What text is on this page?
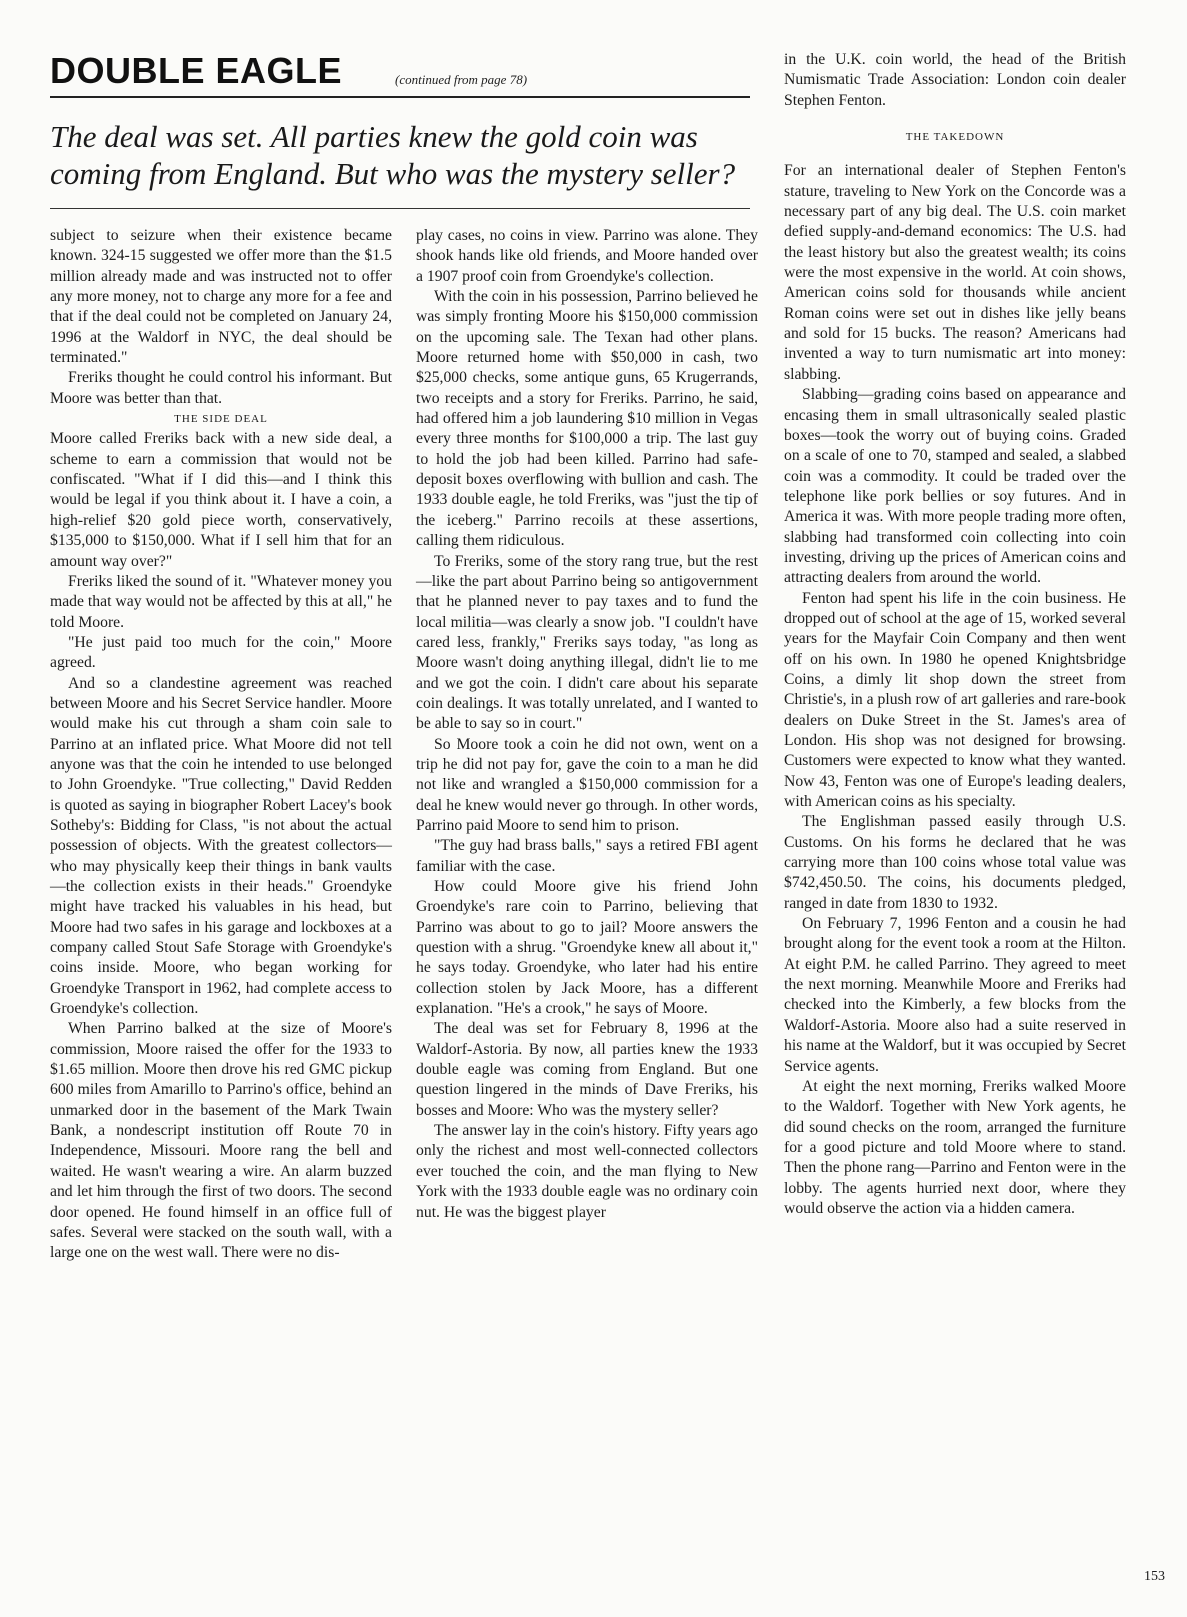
DOUBLE EAGLE	(continued from page 78)
The deal was set. All parties knew the gold coin was coming from England. But who was the mystery seller?

subject to seizure when their existence became known. 324-15 suggested we offer more than the $1.5 million already made and was instructed not to offer any more money, not to charge any more for a fee and that if the deal could not be completed on January 24, 1996 at the Waldorf in NYC, the deal should be terminated."

Freriks thought he could control his informant. But Moore was better than that.

THE SIDE DEAL

Moore called Freriks back with a new side deal, a scheme to earn a commission that would not be confiscated. "What if I did this—and I think this would be legal if you think about it. I have a coin, a high-relief $20 gold piece worth, conservatively, $135,000 to $150,000. What if I sell him that for an amount way over?"

Freriks liked the sound of it. "Whatever money you made that way would not be affected by this at all," he told Moore.

"He just paid too much for the coin," Moore agreed.

And so a clandestine agreement was reached between Moore and his Secret Service handler. Moore would make his cut through a sham coin sale to Parrino at an inflated price. What Moore did not tell anyone was that the coin he intended to use belonged to John Groendyke. "True collecting," David Redden is quoted as saying in biographer Robert Lacey's book Sotheby's: Bidding for Class, "is not about the actual possession of objects. With the greatest collectors—who may physically keep their things in bank vaults—the collection exists in their heads." Groendyke might have tracked his valuables in his head, but Moore had two safes in his garage and lockboxes at a company called Stout Safe Storage with Groendyke's coins inside. Moore, who began working for Groendyke Transport in 1962, had complete access to Groendyke's collection.

When Parrino balked at the size of Moore's commission, Moore raised the offer for the 1933 to $1.65 million. Moore then drove his red GMC pickup 600 miles from Amarillo to Parrino's office, behind an unmarked door in the basement of the Mark Twain Bank, a nondescript institution off Route 70 in Independence, Missouri. Moore rang the bell and waited. He wasn't wearing a wire. An alarm buzzed and let him through the first of two doors. The second door opened. He found himself in an office full of safes. Several were stacked on the south wall, with a large one on the west wall. There were no dis-

play cases, no coins in view. Parrino was alone. They shook hands like old friends, and Moore handed over a 1907 proof coin from Groendyke's collection.

With the coin in his possession, Parrino believed he was simply fronting Moore his $150,000 commission on the upcoming sale. The Texan had other plans. Moore returned home with $50,000 in cash, two $25,000 checks, some antique guns, 65 Krugerrands, two receipts and a story for Freriks. Parrino, he said, had offered him a job laundering $10 million in Vegas every three months for $100,000 a trip. The last guy to hold the job had been killed. Parrino had safe-deposit boxes overflowing with bullion and cash. The 1933 double eagle, he told Freriks, was "just the tip of the iceberg." Parrino recoils at these assertions, calling them ridiculous.

To Freriks, some of the story rang true, but the rest—like the part about Parrino being so antigovernment that he planned never to pay taxes and to fund the local militia—was clearly a snow job. "I couldn't have cared less, frankly," Freriks says today, "as long as Moore wasn't doing anything illegal, didn't lie to me and we got the coin. I didn't care about his separate coin dealings. It was totally unrelated, and I wanted to be able to say so in court."

So Moore took a coin he did not own, went on a trip he did not pay for, gave the coin to a man he did not like and wrangled a $150,000 commission for a deal he knew would never go through. In other words, Parrino paid Moore to send him to prison.

"The guy had brass balls," says a retired FBI agent familiar with the case.

How could Moore give his friend John Groendyke's rare coin to Parrino, believing that Parrino was about to go to jail? Moore answers the question with a shrug. "Groendyke knew all about it," he says today. Groendyke, who later had his entire collection stolen by Jack Moore, has a different explanation. "He's a crook," he says of Moore.

The deal was set for February 8, 1996 at the Waldorf-Astoria. By now, all parties knew the 1933 double eagle was coming from England. But one question lingered in the minds of Dave Freriks, his bosses and Moore: Who was the mystery seller?

The answer lay in the coin's history. Fifty years ago only the richest and most well-connected collectors ever touched the coin, and the man flying to New York with the 1933 double eagle was no ordinary coin nut. He was the biggest player

in the U.K. coin world, the head of the British Numismatic Trade Association: London coin dealer Stephen Fenton.

THE TAKEDOWN

For an international dealer of Stephen Fenton's stature, traveling to New York on the Concorde was a necessary part of any big deal. The U.S. coin market defied supply-and-demand economics: The U.S. had the least history but also the greatest wealth; its coins were the most expensive in the world. At coin shows, American coins sold for thousands while ancient Roman coins were set out in dishes like jelly beans and sold for 15 bucks. The reason? Americans had invented a way to turn numismatic art into money: slabbing.

Slabbing—grading coins based on appearance and encasing them in small ultrasonically sealed plastic boxes—took the worry out of buying coins. Graded on a scale of one to 70, stamped and sealed, a slabbed coin was a commodity. It could be traded over the telephone like pork bellies or soy futures. And in America it was. With more people trading more often, slabbing had transformed coin collecting into coin investing, driving up the prices of American coins and attracting dealers from around the world.

Fenton had spent his life in the coin business. He dropped out of school at the age of 15, worked several years for the Mayfair Coin Company and then went off on his own. In 1980 he opened Knightsbridge Coins, a dimly lit shop down the street from Christie's, in a plush row of art galleries and rare-book dealers on Duke Street in the St. James's area of London. His shop was not designed for browsing. Customers were expected to know what they wanted. Now 43, Fenton was one of Europe's leading dealers, with American coins as his specialty.

The Englishman passed easily through U.S. Customs. On his forms he declared that he was carrying more than 100 coins whose total value was $742,450.50. The coins, his documents pledged, ranged in date from 1830 to 1932.

On February 7, 1996 Fenton and a cousin he had brought along for the event took a room at the Hilton. At eight P.M. he called Parrino. They agreed to meet the next morning. Meanwhile Moore and Freriks had checked into the Kimberly, a few blocks from the Waldorf-Astoria. Moore also had a suite reserved in his name at the Waldorf, but it was occupied by Secret Service agents.

At eight the next morning, Freriks walked Moore to the Waldorf. Together with New York agents, he did sound checks on the room, arranged the furniture for a good picture and told Moore where to stand. Then the phone rang—Parrino and Fenton were in the lobby. The agents hurried next door, where they would observe the action via a hidden camera.

153
